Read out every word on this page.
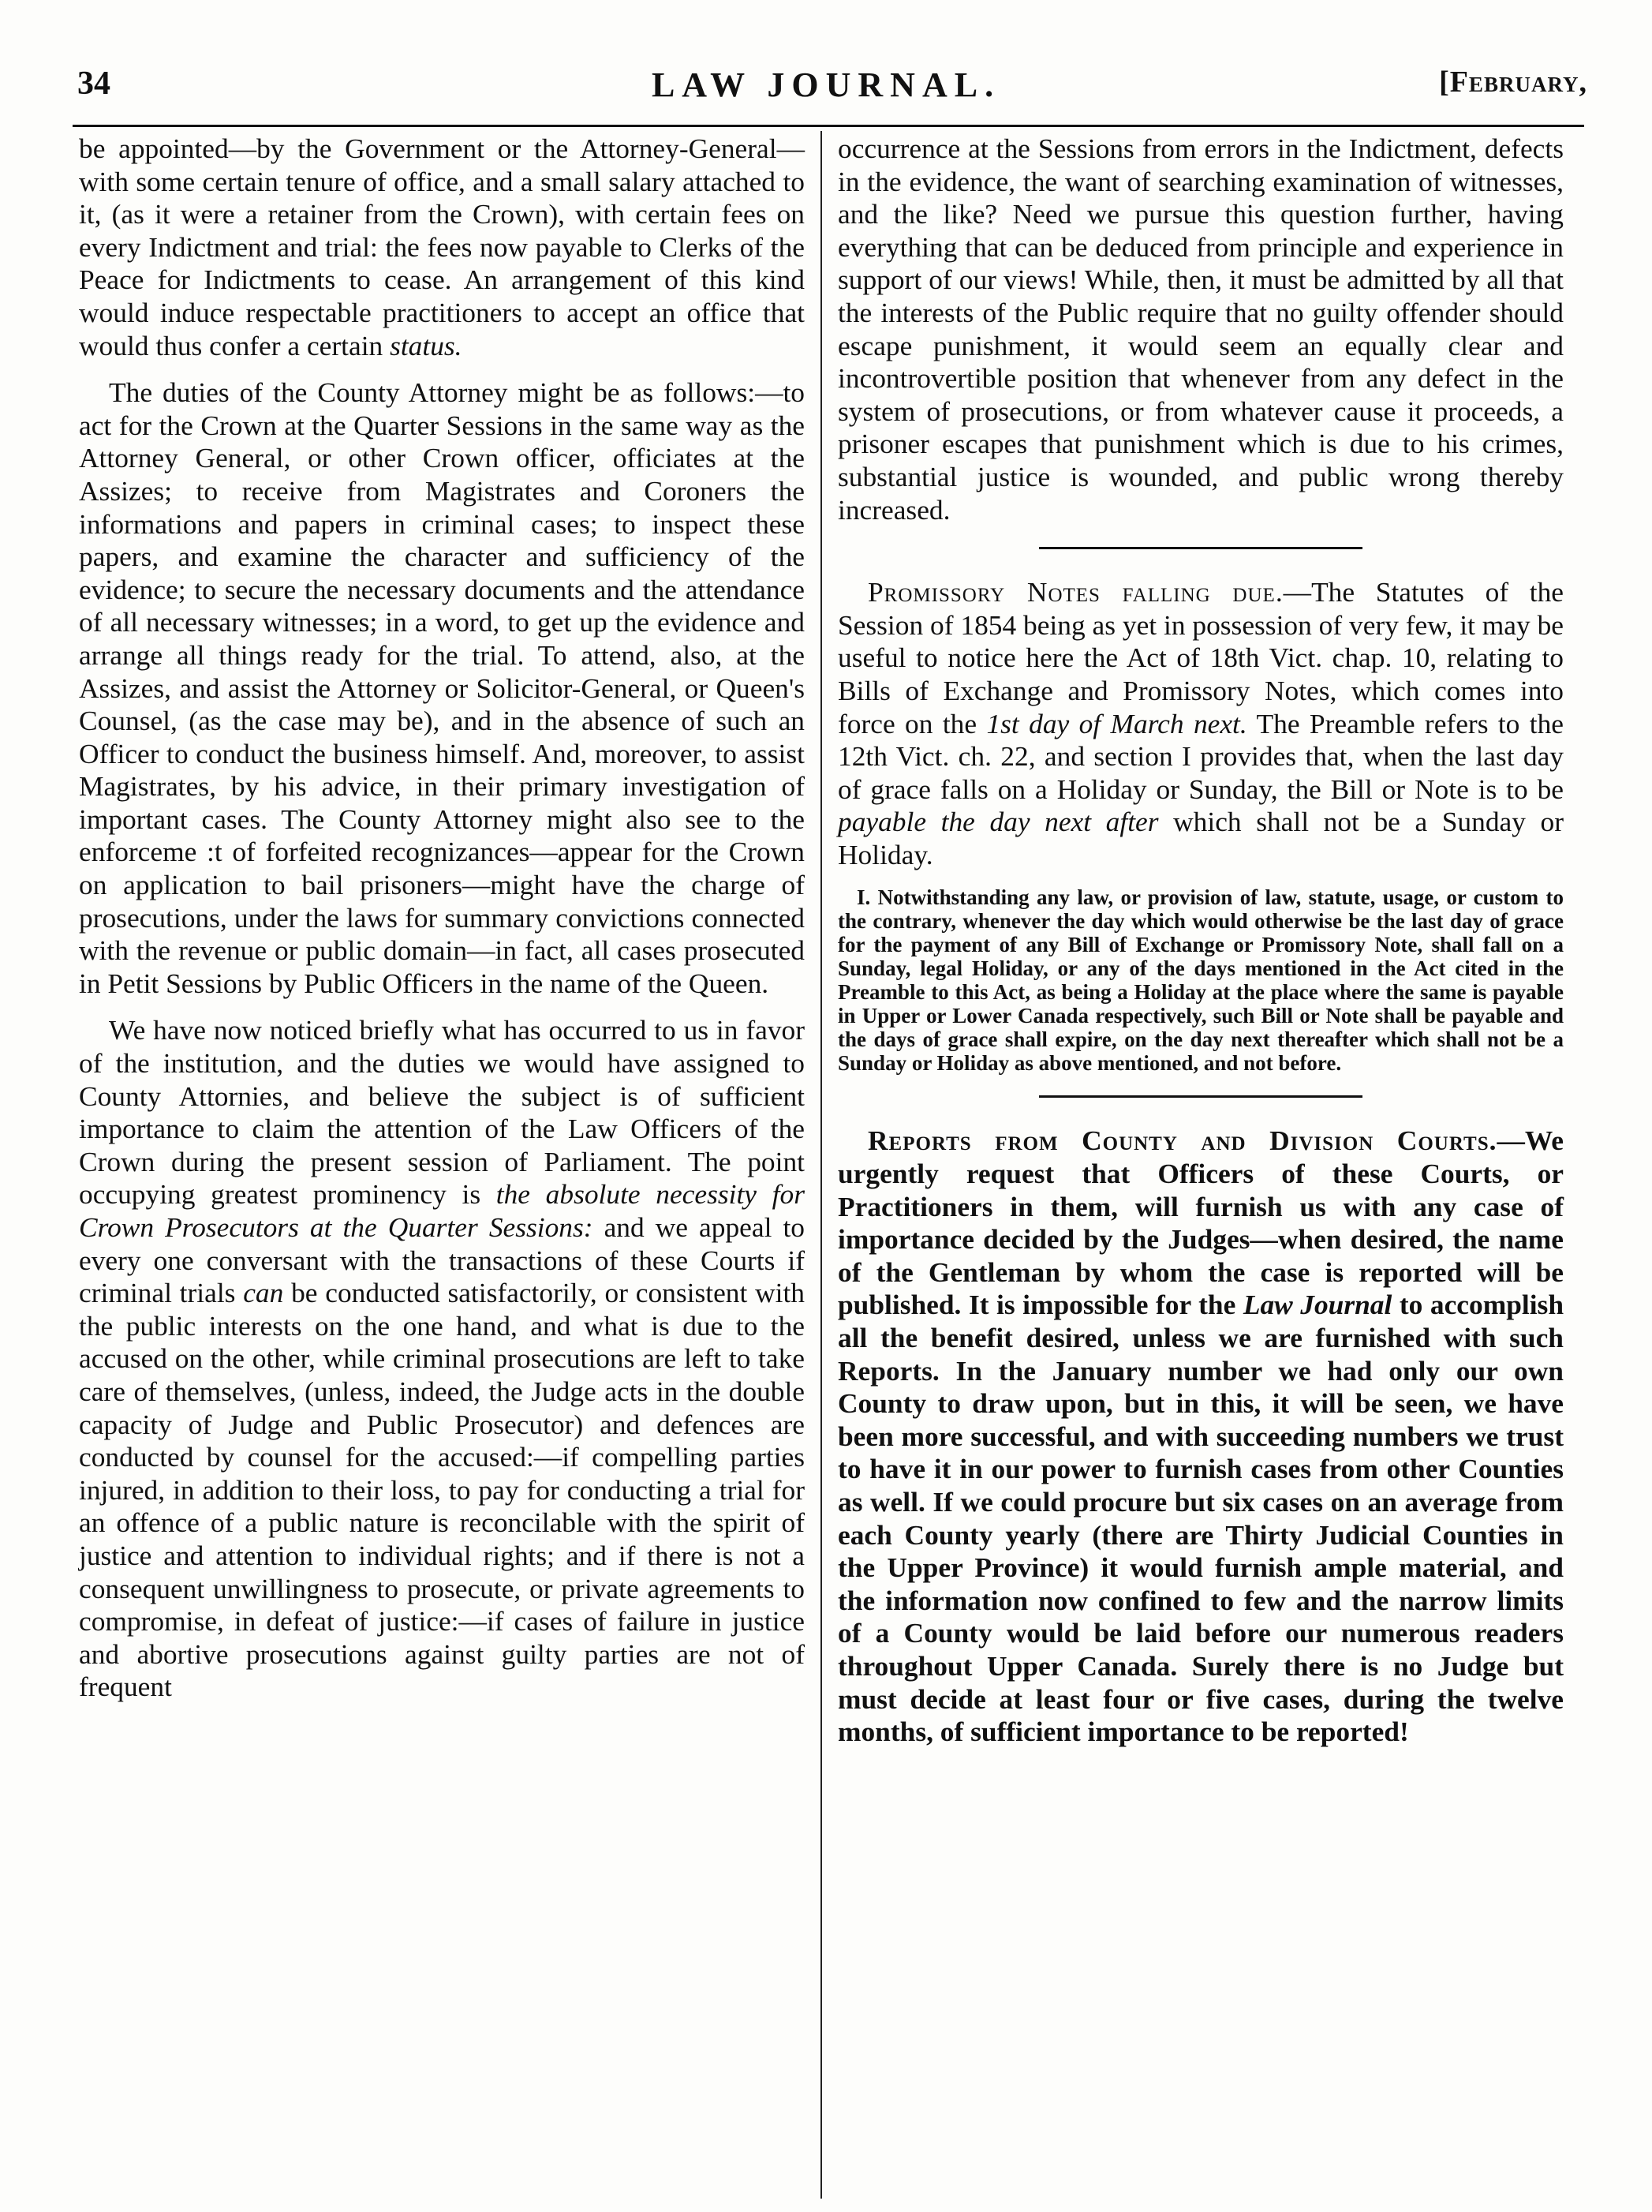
34	LAW JOURNAL.	[February,

be appointed—by the Government or the Attorney-General—with some certain tenure of office, and a small salary attached to it, (as it were a retainer from the Crown), with certain fees on every Indictment and trial: the fees now payable to Clerks of the Peace for Indictments to cease. An arrangement of this kind would induce respectable practitioners to accept an office that would thus confer a certain status.

The duties of the County Attorney might be as follows:—to act for the Crown at the Quarter Sessions in the same way as the Attorney General, or other Crown officer, officiates at the Assizes; to receive from Magistrates and Coroners the informations and papers in criminal cases; to inspect these papers, and examine the character and sufficiency of the evidence; to secure the necessary documents and the attendance of all necessary witnesses; in a word, to get up the evidence and arrange all things ready for the trial. To attend, also, at the Assizes, and assist the Attorney or Solicitor-General, or Queen's Counsel, (as the case may be), and in the absence of such an Officer to conduct the business himself. And, moreover, to assist Magistrates, by his advice, in their primary investigation of important cases. The County Attorney might also see to the enforceme :t of forfeited recognizances—appear for the Crown on application to bail prisoners—might have the charge of prosecutions, under the laws for summary convictions connected with the revenue or public domain—in fact, all cases prosecuted in Petit Sessions by Public Officers in the name of the Queen.

We have now noticed briefly what has occurred to us in favor of the institution, and the duties we would have assigned to County Attornies, and believe the subject is of sufficient importance to claim the attention of the Law Officers of the Crown during the present session of Parliament. The point occupying greatest prominency is the absolute necessity for Crown Prosecutors at the Quarter Sessions: and we appeal to every one conversant with the transactions of these Courts if criminal trials can be conducted satisfactorily, or consistent with the public interests on the one hand, and what is due to the accused on the other, while criminal prosecutions are left to take care of themselves, (unless, indeed, the Judge acts in the double capacity of Judge and Public Prosecutor) and defences are conducted by counsel for the accused:—if compelling parties injured, in addition to their loss, to pay for conducting a trial for an offence of a public nature is reconcilable with the spirit of justice and attention to individual rights; and if there is not a consequent unwillingness to prosecute, or private agreements to compromise, in defeat of justice:—if cases of failure in justice and abortive prosecutions against guilty parties are not of frequent

occurrence at the Sessions from errors in the Indictment, defects in the evidence, the want of searching examination of witnesses, and the like? Need we pursue this question further, having everything that can be deduced from principle and experience in support of our views! While, then, it must be admitted by all that the interests of the Public require that no guilty offender should escape punishment, it would seem an equally clear and incontrovertible position that whenever from any defect in the system of prosecutions, or from whatever cause it proceeds, a prisoner escapes that punishment which is due to his crimes, substantial justice is wounded, and public wrong thereby increased.

Promissory Notes falling due.—The Statutes of the Session of 1854 being as yet in possession of very few, it may be useful to notice here the Act of 18th Vict. chap. 10, relating to Bills of Exchange and Promissory Notes, which comes into force on the 1st day of March next. The Preamble refers to the 12th Vict. ch. 22, and section I provides that, when the last day of grace falls on a Holiday or Sunday, the Bill or Note is to be payable the day next after which shall not be a Sunday or Holiday.

I. Notwithstanding any law, or provision of law, statute, usage, or custom to the contrary, whenever the day which would otherwise be the last day of grace for the payment of any Bill of Exchange or Promissory Note, shall fall on a Sunday, legal Holiday, or any of the days mentioned in the Act cited in the Preamble to this Act, as being a Holiday at the place where the same is payable in Upper or Lower Canada respectively, such Bill or Note shall be payable and the days of grace shall expire, on the day next thereafter which shall not be a Sunday or Holiday as above mentioned, and not before.

Reports from County and Division Courts.—We urgently request that Officers of these Courts, or Practitioners in them, will furnish us with any case of importance decided by the Judges—when desired, the name of the Gentleman by whom the case is reported will be published. It is impossible for the Law Journal to accomplish all the benefit desired, unless we are furnished with such Reports. In the January number we had only our own County to draw upon, but in this, it will be seen, we have been more successful, and with succeeding numbers we trust to have it in our power to furnish cases from other Counties as well. If we could procure but six cases on an average from each County yearly (there are Thirty Judicial Counties in the Upper Province) it would furnish ample material, and the information now confined to few and the narrow limits of a County would be laid before our numerous readers throughout Upper Canada. Surely there is no Judge but must decide at least four or five cases, during the twelve months, of sufficient importance to be reported!
